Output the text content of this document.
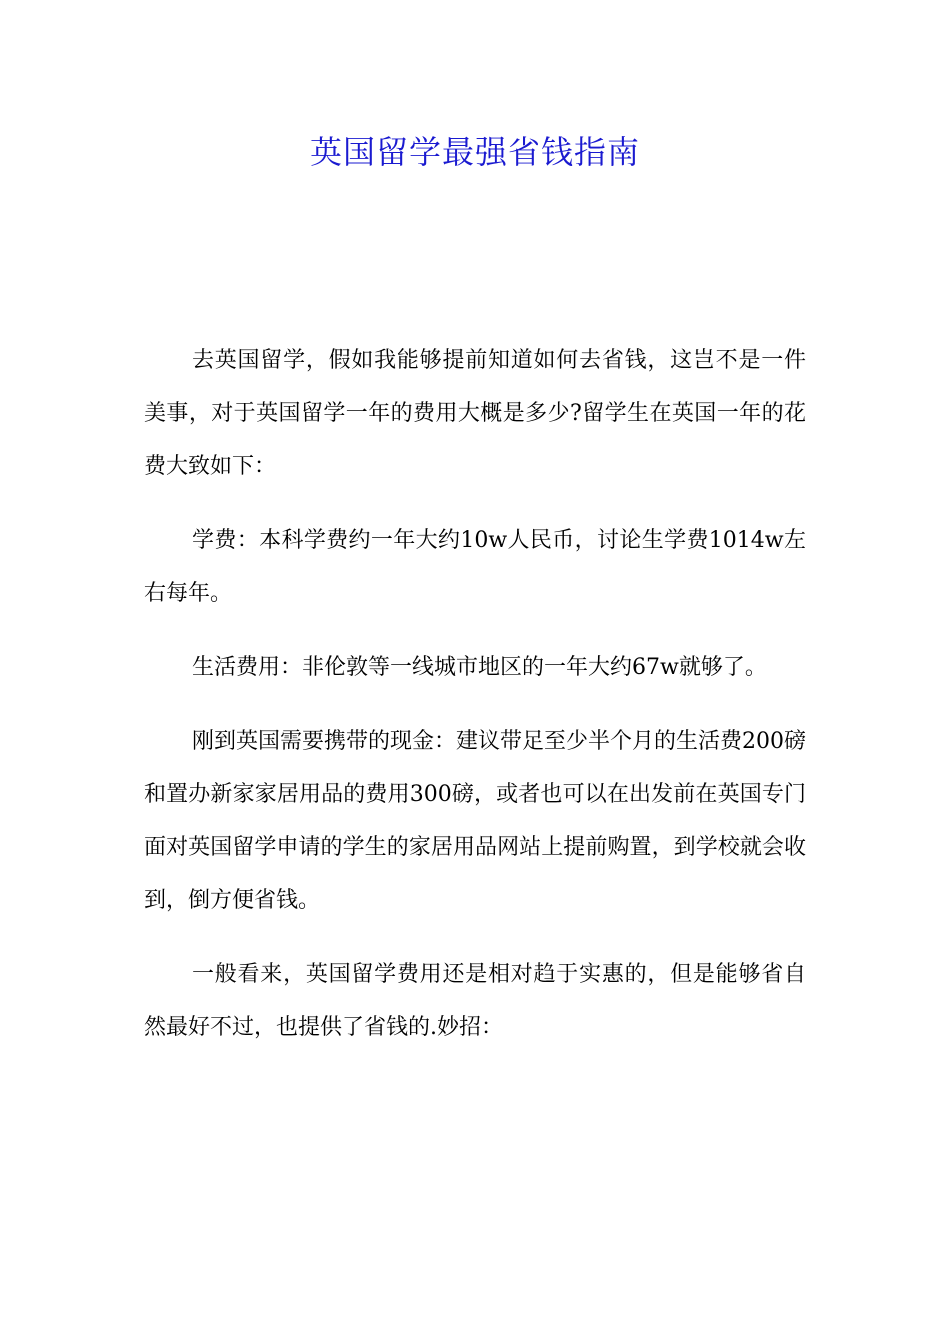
英国留学最强省钱指南

去英国留学，假如我能够提前知道如何去省钱，这岂不是一件美事，对于英国留学一年的费用大概是多少?留学生在英国一年的花费大致如下：

学费：本科学费约一年大约10w人民币，讨论生学费1014w左右每年。

生活费用：非伦敦等一线城市地区的一年大约67w就够了。

刚到英国需要携带的现金：建议带足至少半个月的生活费200磅和置办新家家居用品的费用300磅，或者也可以在出发前在英国专门面对英国留学申请的学生的家居用品网站上提前购置，到学校就会收到，倒方便省钱。

一般看来，英国留学费用还是相对趋于实惠的，但是能够省自然最好不过，也提供了省钱的.妙招：
